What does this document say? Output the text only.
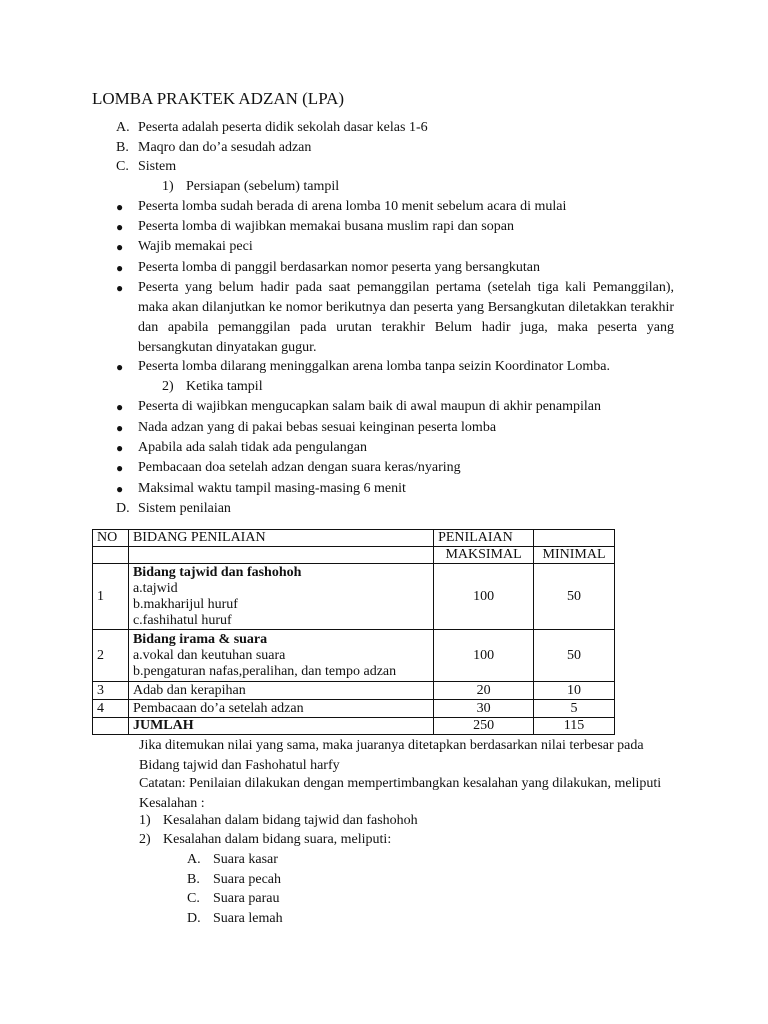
LOMBA PRAKTEK ADZAN (LPA)
A. Peserta adalah peserta didik sekolah dasar kelas 1-6
B. Maqro dan do’a sesudah adzan
C. Sistem
1) Persiapan (sebelum) tampil
●	Peserta lomba sudah berada di arena lomba 10 menit sebelum acara di mulai
●	Peserta lomba di wajibkan memakai busana muslim rapi dan sopan
●	Wajib memakai peci
●	Peserta lomba di panggil berdasarkan nomor peserta yang bersangkutan
●	Peserta yang belum hadir pada saat pemanggilan pertama (setelah tiga kali Pemanggilan), maka akan dilanjutkan ke nomor berikutnya dan peserta yang Bersangkutan diletakkan terakhir dan apabila pemanggilan pada urutan terakhir Belum hadir juga, maka peserta yang bersangkutan dinyatakan gugur.
●	Peserta lomba dilarang meninggalkan arena lomba tanpa seizin Koordinator Lomba.
2) Ketika tampil
●	Peserta di wajibkan mengucapkan salam baik di awal maupun di akhir penampilan
●	Nada adzan yang di pakai bebas sesuai keinginan peserta lomba
●	Apabila ada salah tidak ada pengulangan
●	Pembacaan doa setelah adzan dengan suara keras/nyaring
●	Maksimal waktu tampil masing-masing 6 menit
D. Sistem penilaian
NO	BIDANG PENILAIAN	PENILAIAN	
		MAKSIMAL	MINIMAL
1	Bidang tajwid dan fashohoh
a.tajwid
b.makharijul huruf
c.fashihatul huruf	100	50
2	Bidang irama & suara
a.vokal dan keutuhan suara
b.pengaturan nafas,peralihan, dan tempo adzan	100	50
3	Adab dan kerapihan	20	10
4	Pembacaan do’a setelah adzan	30	5
	JUMLAH	250	115
Jika ditemukan nilai yang sama, maka juaranya ditetapkan berdasarkan nilai terbesar pada Bidang tajwid dan Fashohatul harfy
Catatan: Penilaian dilakukan dengan mempertimbangkan kesalahan yang dilakukan, meliputi Kesalahan :
1) Kesalahan dalam bidang tajwid dan fashohoh
2) Kesalahan dalam bidang suara, meliputi:
A. Suara kasar
B. Suara pecah
C. Suara parau
D. Suara lemah
